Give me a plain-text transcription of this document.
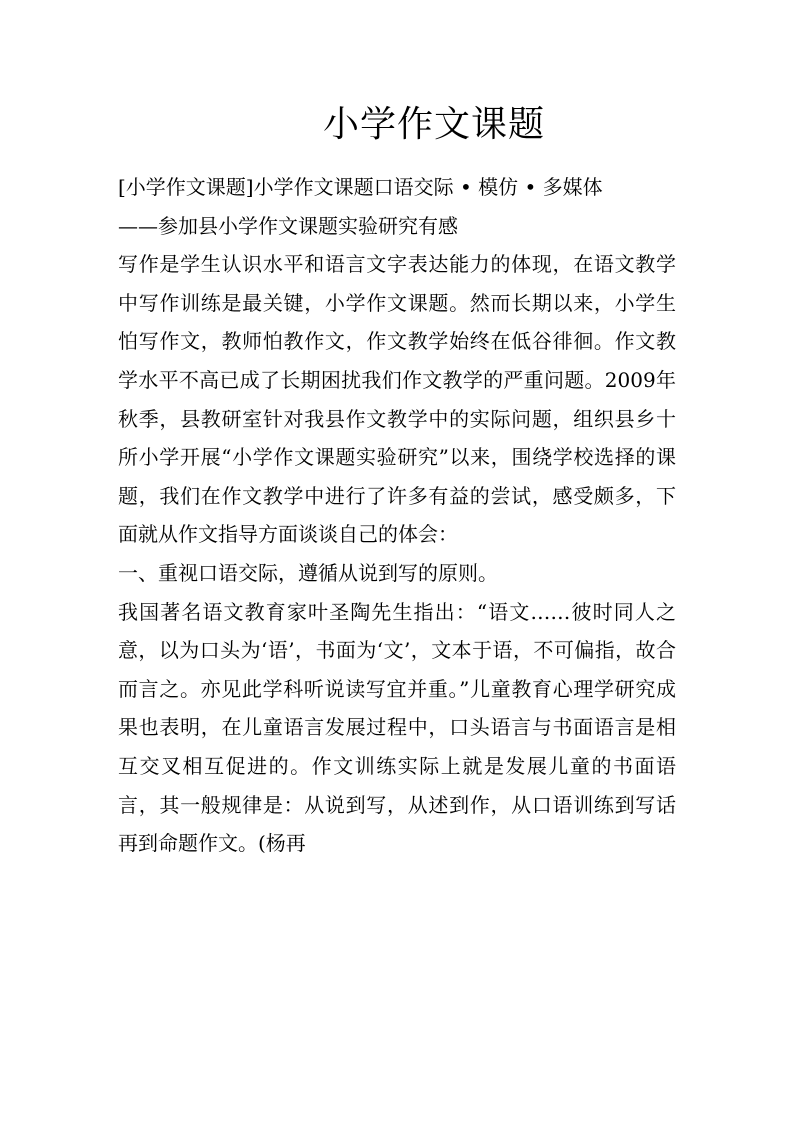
小学作文课题

[小学作文课题]小学作文课题口语交际 • 模仿 • 多媒体

——参加县小学作文课题实验研究有感

写作是学生认识水平和语言文字表达能力的体现，在语文教学中写作训练是最关键，小学作文课题。然而长期以来，小学生怕写作文，教师怕教作文，作文教学始终在低谷徘徊。作文教学水平不高已成了长期困扰我们作文教学的严重问题。2009年秋季，县教研室针对我县作文教学中的实际问题，组织县乡十所小学开展“小学作文课题实验研究”以来，围绕学校选择的课题，我们在作文教学中进行了许多有益的尝试，感受颇多，下面就从作文指导方面谈谈自己的体会：

一、重视口语交际，遵循从说到写的原则。

我国著名语文教育家叶圣陶先生指出：“语文……彼时同人之意，以为口头为‘语’，书面为‘文’，文本于语，不可偏指，故合而言之。亦见此学科听说读写宜并重。”儿童教育心理学研究成果也表明，在儿童语言发展过程中，口头语言与书面语言是相互交叉相互促进的。作文训练实际上就是发展儿童的书面语言，其一般规律是：从说到写，从述到作，从口语训练到写话再到命题作文。(杨再
